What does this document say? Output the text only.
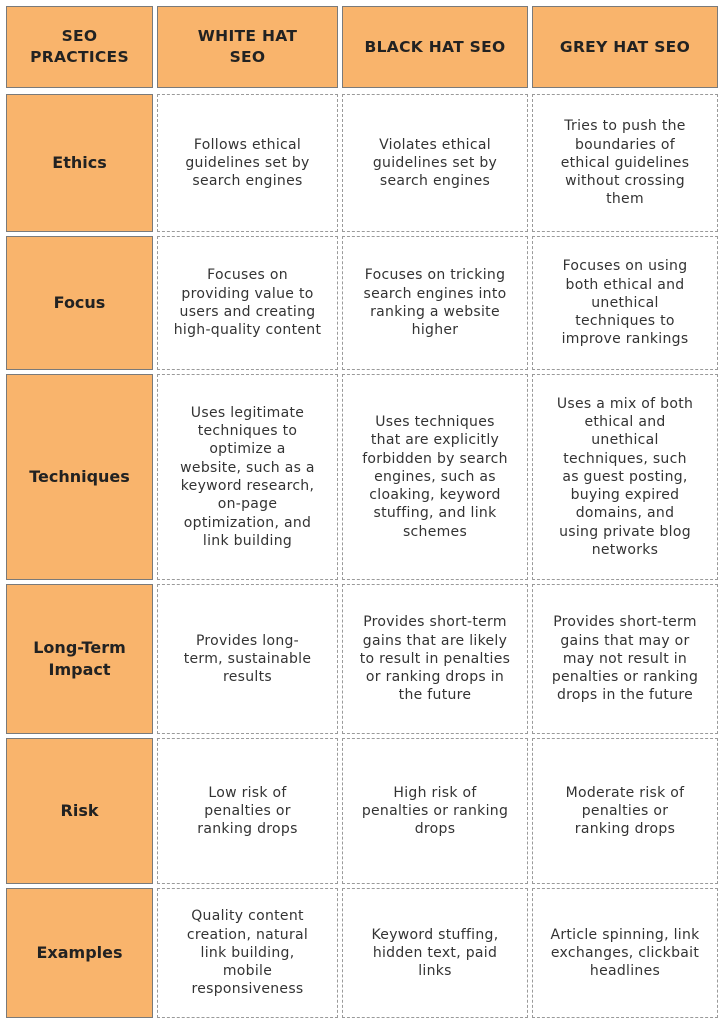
SEO PRACTICES
WHITE HAT SEO
BLACK HAT SEO	GREY HAT SEO
Ethics
Follows ethical guidelines set by search engines
Violates ethical guidelines set by search engines
Tries to push the boundaries of ethical guidelines without crossing them
Focus
Focuses on providing value to users and creating high-quality content
Focuses on tricking search engines into ranking a website higher
Focuses on using both ethical and unethical techniques to improve rankings
Techniques
Uses legitimate techniques to optimize a website, such as a keyword research, on-page optimization, and link building
Uses techniques that are explicitly forbidden by search engines, such as cloaking, keyword stuffing, and link schemes
Uses a mix of both ethical and unethical techniques, such as guest posting, buying expired domains, and using private blog networks
Long-Term Impact
Provides long-term, sustainable results
Provides short-term gains that are likely to result in penalties or ranking drops in the future
Provides short-term gains that may or may not result in penalties or ranking drops in the future
Risk
Low risk of penalties or ranking drops
High risk of penalties or ranking drops
Moderate risk of penalties or ranking drops
Examples
Quality content creation, natural link building, mobile responsiveness
Keyword stuffing, hidden text, paid links
Article spinning, link exchanges, clickbait headlines
